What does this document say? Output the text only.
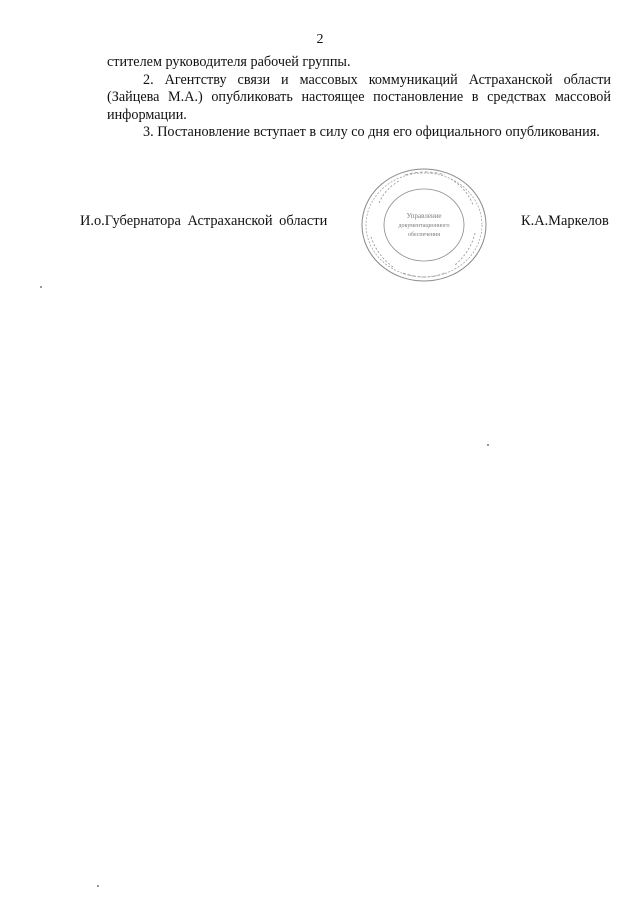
2

стителем руководителя рабочей группы.

2. Агентству связи и массовых коммуникаций Астраханской области (Зайцева М.А.) опубликовать настоящее постановление в средствах массовой информации.

3. Постановление вступает в силу со дня его официального опубликования.

И.о.Губернатора Астраханской области	К.А.Маркелов
Управление
документационного
обеспечения
